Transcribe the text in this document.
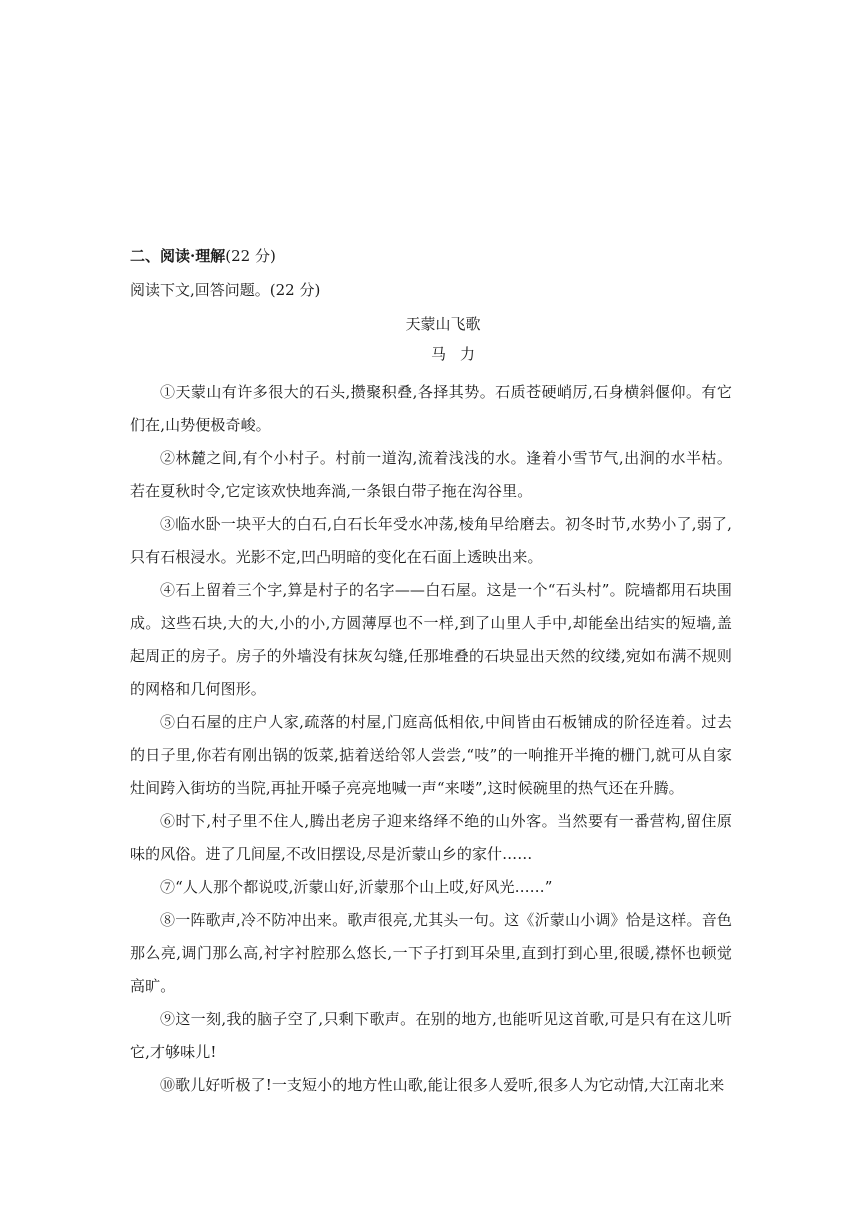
二、阅读·理解(22 分)

阅读下文,回答问题。(22 分)

天蒙山飞歌

马力

①天蒙山有许多很大的石头,攒聚积叠,各择其势。石质苍硬峭厉,石身横斜偃仰。有它们在,山势便极奇峻。

②林麓之间,有个小村子。村前一道沟,流着浅浅的水。逢着小雪节气,出涧的水半枯。若在夏秋时令,它定该欢快地奔淌,一条银白带子拖在沟谷里。

③临水卧一块平大的白石,白石长年受水冲荡,棱角早给磨去。初冬时节,水势小了,弱了,只有石根浸水。光影不定,凹凸明暗的变化在石面上透映出来。

④石上留着三个字,算是村子的名字——白石屋。这是一个“石头村”。院墙都用石块围成。这些石块,大的大,小的小,方圆薄厚也不一样,到了山里人手中,却能垒出结实的短墙,盖起周正的房子。房子的外墙没有抹灰勾缝,任那堆叠的石块显出天然的纹缕,宛如布满不规则的网格和几何图形。

⑤白石屋的庄户人家,疏落的村屋,门庭高低相依,中间皆由石板铺成的阶径连着。过去的日子里,你若有刚出锅的饭菜,掂着送给邻人尝尝,“吱”的一响推开半掩的栅门,就可从自家灶间跨入街坊的当院,再扯开嗓子亮亮地喊一声“来喽”,这时候碗里的热气还在升腾。

⑥时下,村子里不住人,腾出老房子迎来络绎不绝的山外客。当然要有一番营构,留住原味的风俗。进了几间屋,不改旧摆设,尽是沂蒙山乡的家什……

⑦“人人那个都说哎,沂蒙山好,沂蒙那个山上哎,好风光……”

⑧一阵歌声,冷不防冲出来。歌声很亮,尤其头一句。这《沂蒙山小调》恰是这样。音色那么亮,调门那么高,衬字衬腔那么悠长,一下子打到耳朵里,直到打到心里,很暖,襟怀也顿觉高旷。

⑨这一刻,我的脑子空了,只剩下歌声。在别的地方,也能听见这首歌,可是只有在这儿听它,才够味儿!

⑩歌儿好听极了!一支短小的地方性山歌,能让很多人爱听,很多人为它动情,大江南北来
